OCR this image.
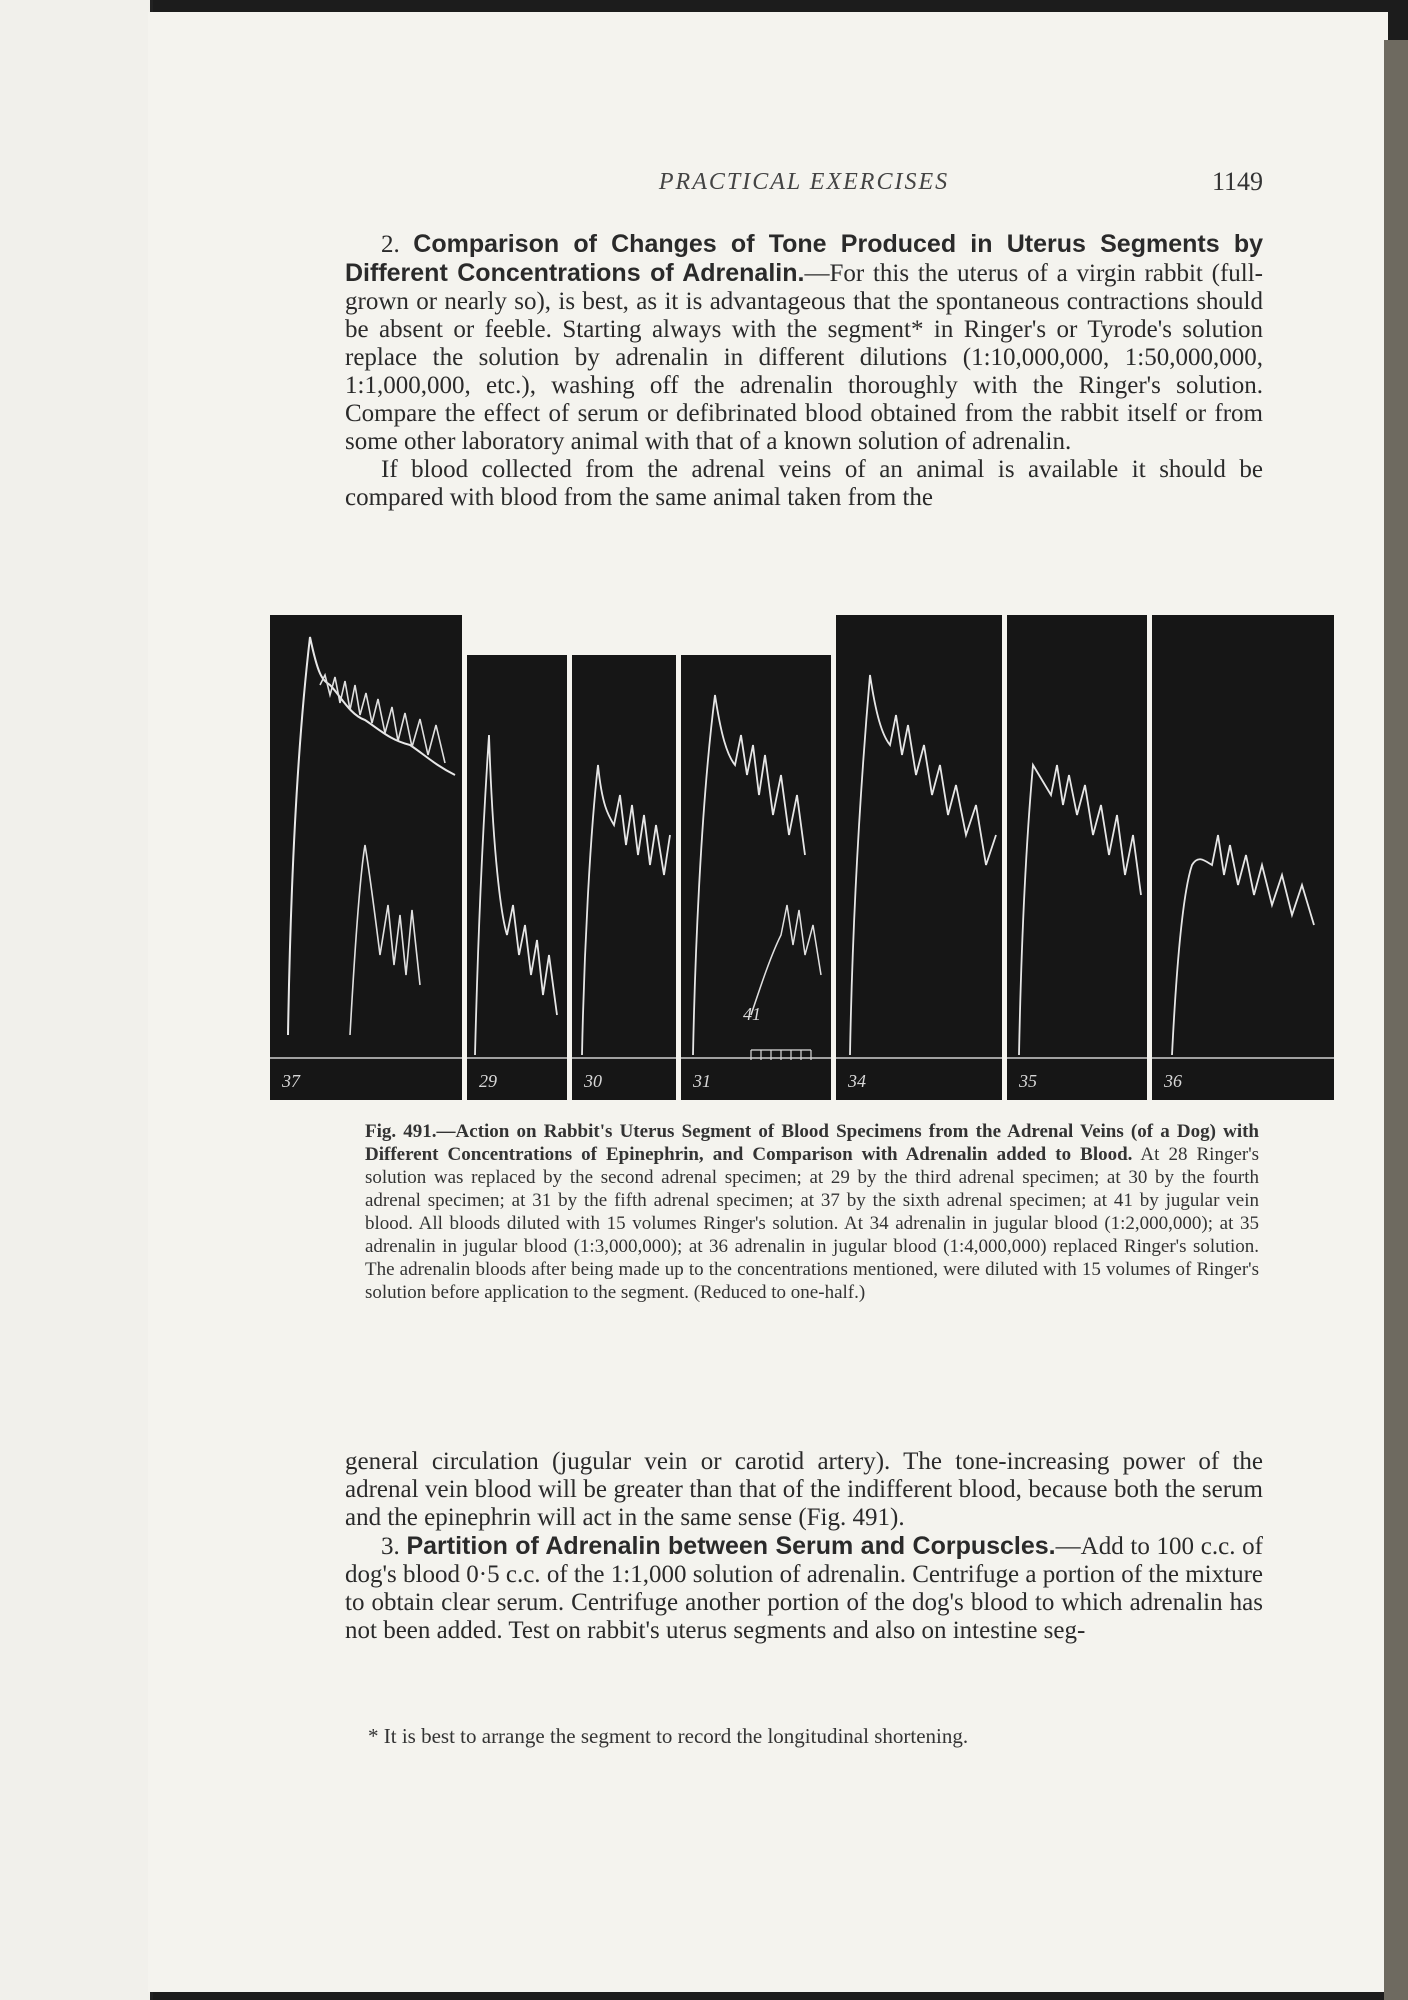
PRACTICAL EXERCISES	1149

2. Comparison of Changes of Tone Produced in Uterus Segments by Different Concentrations of Adrenalin.—For this the uterus of a virgin rabbit (full-grown or nearly so), is best, as it is advantageous that the spontaneous contractions should be absent or feeble. Starting always with the segment* in Ringer's or Tyrode's solution replace the solution by adrenalin in different dilutions (1:10,000,000, 1:50,000,000, 1:1,000,000, etc.), washing off the adrenalin thoroughly with the Ringer's solution. Compare the effect of serum or defibrinated blood obtained from the rabbit itself or from some other laboratory animal with that of a known solution of adrenalin.

If blood collected from the adrenal veins of an animal is available it should be compared with blood from the same animal taken from the

37	29	30
41
31	34	35	36
Fig. 491.—Action on Rabbit's Uterus Segment of Blood Specimens from the Adrenal Veins (of a Dog) with Different Concentrations of Epinephrin, and Comparison with Adrenalin added to Blood. At 28 Ringer's solution was replaced by the second adrenal specimen; at 29 by the third adrenal specimen; at 30 by the fourth adrenal specimen; at 31 by the fifth adrenal specimen; at 37 by the sixth adrenal specimen; at 41 by jugular vein blood. All bloods diluted with 15 volumes Ringer's solution. At 34 adrenalin in jugular blood (1:2,000,000); at 35 adrenalin in jugular blood (1:3,000,000); at 36 adrenalin in jugular blood (1:4,000,000) replaced Ringer's solution. The adrenalin bloods after being made up to the concentrations mentioned, were diluted with 15 volumes of Ringer's solution before application to the segment. (Reduced to one-half.)

general circulation (jugular vein or carotid artery). The tone-increasing power of the adrenal vein blood will be greater than that of the indifferent blood, because both the serum and the epinephrin will act in the same sense (Fig. 491).

3. Partition of Adrenalin between Serum and Corpuscles.—Add to 100 c.c. of dog's blood 0·5 c.c. of the 1:1,000 solution of adrenalin. Centrifuge a portion of the mixture to obtain clear serum. Centrifuge another portion of the dog's blood to which adrenalin has not been added. Test on rabbit's uterus segments and also on intestine seg-

* It is best to arrange the segment to record the longitudinal shortening.
